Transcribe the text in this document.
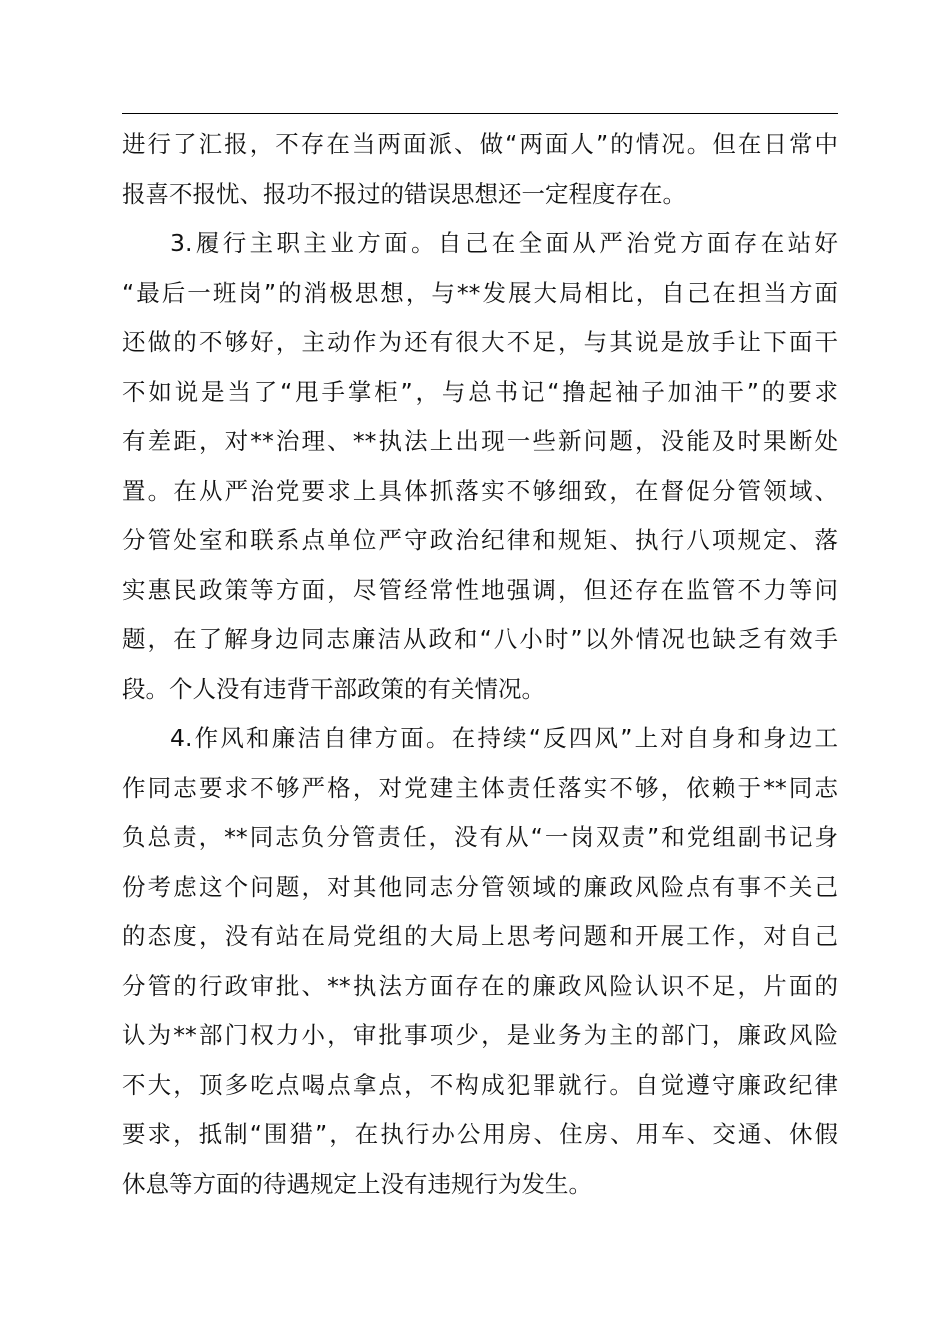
进行了汇报，不存在当两面派、做“两面人”的情况。但在日常中
报喜不报忧、报功不报过的错误思想还一定程度存在。
3.履行主职主业方面。自己在全面从严治党方面存在站好
“最后一班岗”的消极思想，与**发展大局相比，自己在担当方面
还做的不够好，主动作为还有很大不足，与其说是放手让下面干
不如说是当了“甩手掌柜”，与总书记“撸起袖子加油干”的要求
有差距，对**治理、**执法上出现一些新问题，没能及时果断处
置。在从严治党要求上具体抓落实不够细致，在督促分管领域、
分管处室和联系点单位严守政治纪律和规矩、执行八项规定、落
实惠民政策等方面，尽管经常性地强调，但还存在监管不力等问
题，在了解身边同志廉洁从政和“八小时”以外情况也缺乏有效手
段。个人没有违背干部政策的有关情况。
4.作风和廉洁自律方面。在持续“反四风”上对自身和身边工
作同志要求不够严格，对党建主体责任落实不够，依赖于**同志
负总责，**同志负分管责任，没有从“一岗双责”和党组副书记身
份考虑这个问题，对其他同志分管领域的廉政风险点有事不关己
的态度，没有站在局党组的大局上思考问题和开展工作，对自己
分管的行政审批、**执法方面存在的廉政风险认识不足，片面的
认为**部门权力小，审批事项少，是业务为主的部门，廉政风险
不大，顶多吃点喝点拿点，不构成犯罪就行。自觉遵守廉政纪律
要求，抵制“围猎”，在执行办公用房、住房、用车、交通、休假
休息等方面的待遇规定上没有违规行为发生。
